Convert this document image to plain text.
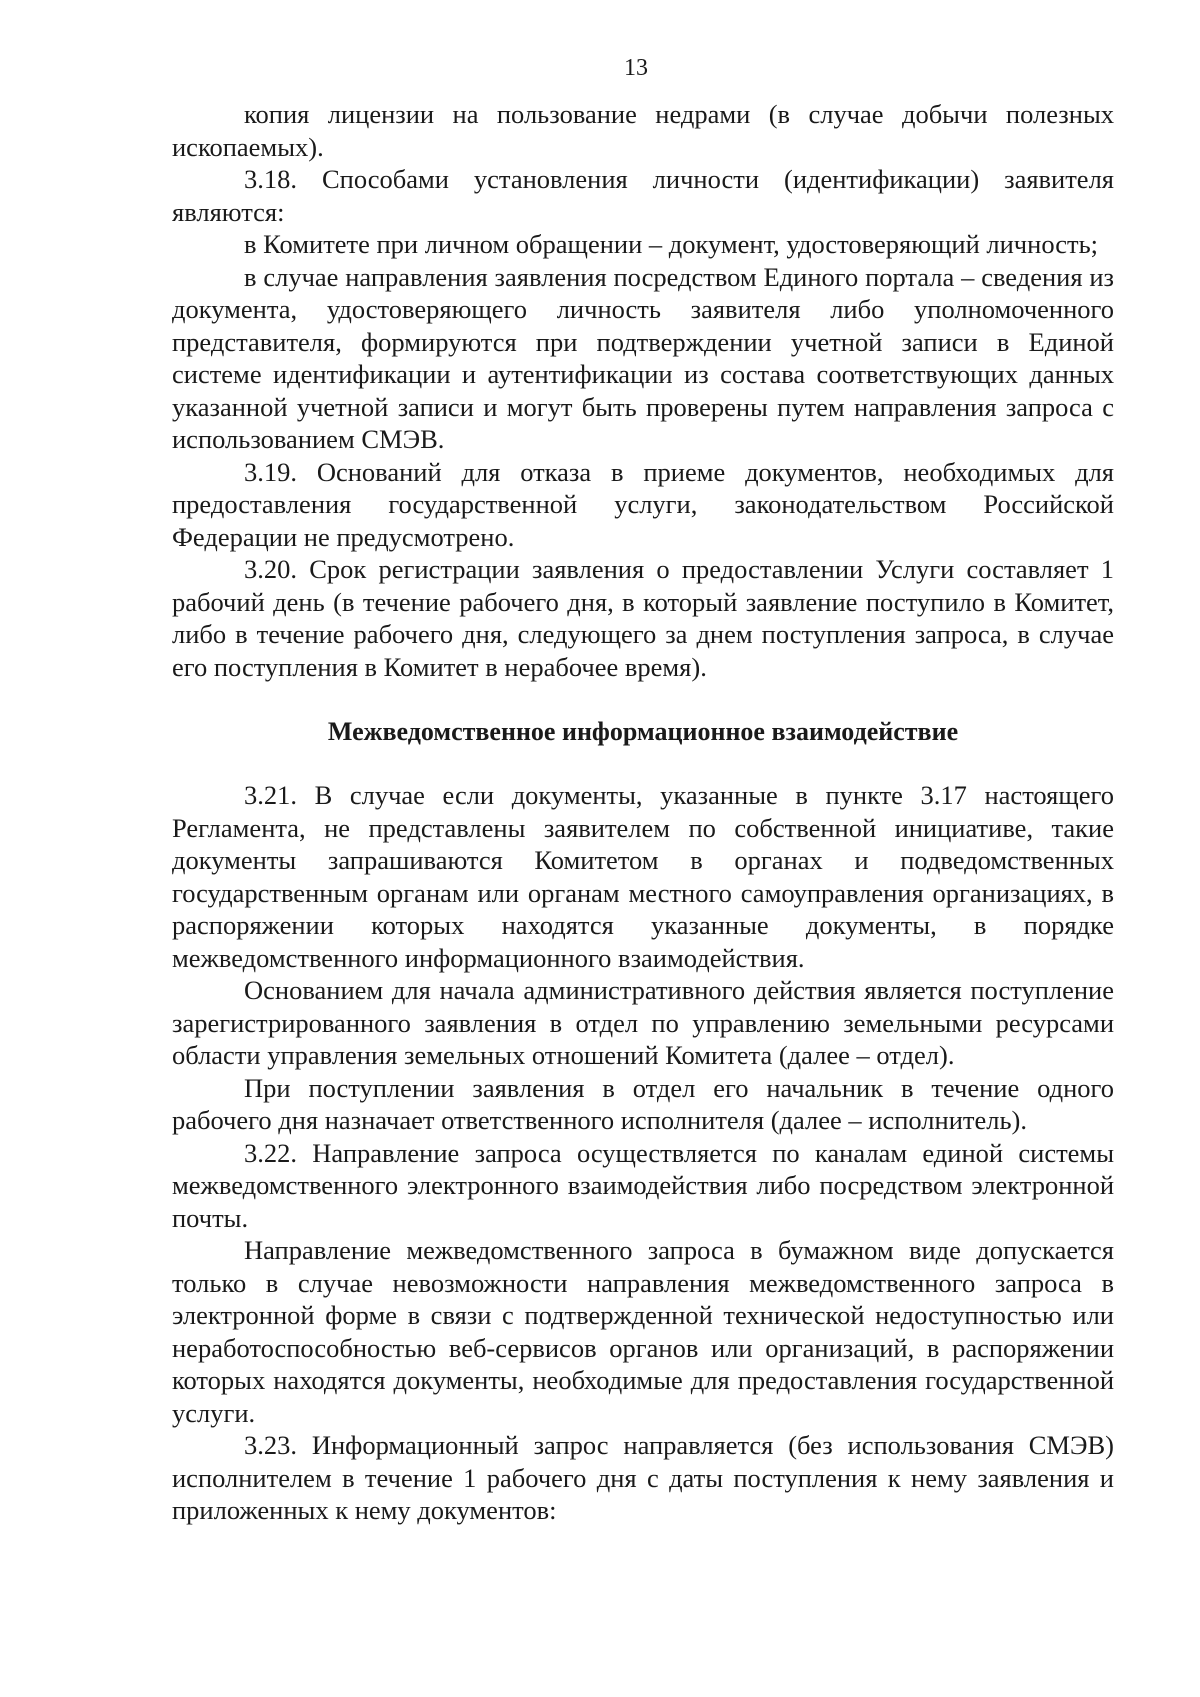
13

копия лицензии на пользование недрами (в случае добычи полезных ископаемых).

3.18. Способами установления личности (идентификации) заявителя являются:

в Комитете при личном обращении – документ, удостоверяющий личность;

в случае направления заявления посредством Единого портала – сведения из документа, удостоверяющего личность заявителя либо уполномоченного представителя, формируются при подтверждении учетной записи в Единой системе идентификации и аутентификации из состава соответствующих данных указанной учетной записи и могут быть проверены путем направления запроса с использованием СМЭВ.

3.19. Оснований для отказа в приеме документов, необходимых для предоставления государственной услуги, законодательством Российской Федерации не предусмотрено.

3.20. Срок регистрации заявления о предоставлении Услуги составляет 1 рабочий день (в течение рабочего дня, в который заявление поступило в Комитет, либо в течение рабочего дня, следующего за днем поступления запроса, в случае его поступления в Комитет в нерабочее время).

Межведомственное информационное взаимодействие

3.21. В случае если документы, указанные в пункте 3.17 настоящего Регламента, не представлены заявителем по собственной инициативе, такие документы запрашиваются Комитетом в органах и подведомственных государственным органам или органам местного самоуправления организациях, в распоряжении которых находятся указанные документы, в порядке межведомственного информационного взаимодействия.

Основанием для начала административного действия является поступление зарегистрированного заявления в отдел по управлению земельными ресурсами области управления земельных отношений Комитета (далее – отдел).

При поступлении заявления в отдел его начальник в течение одного рабочего дня назначает ответственного исполнителя (далее – исполнитель).

3.22. Направление запроса осуществляется по каналам единой системы межведомственного электронного взаимодействия либо посредством электронной почты.

Направление межведомственного запроса в бумажном виде допускается только в случае невозможности направления межведомственного запроса в электронной форме в связи с подтвержденной технической недоступностью или неработоспособностью веб-сервисов органов или организаций, в распоряжении которых находятся документы, необходимые для предоставления государственной услуги.

3.23. Информационный запрос направляется (без использования СМЭВ) исполнителем в течение 1 рабочего дня с даты поступления к нему заявления и приложенных к нему документов:
